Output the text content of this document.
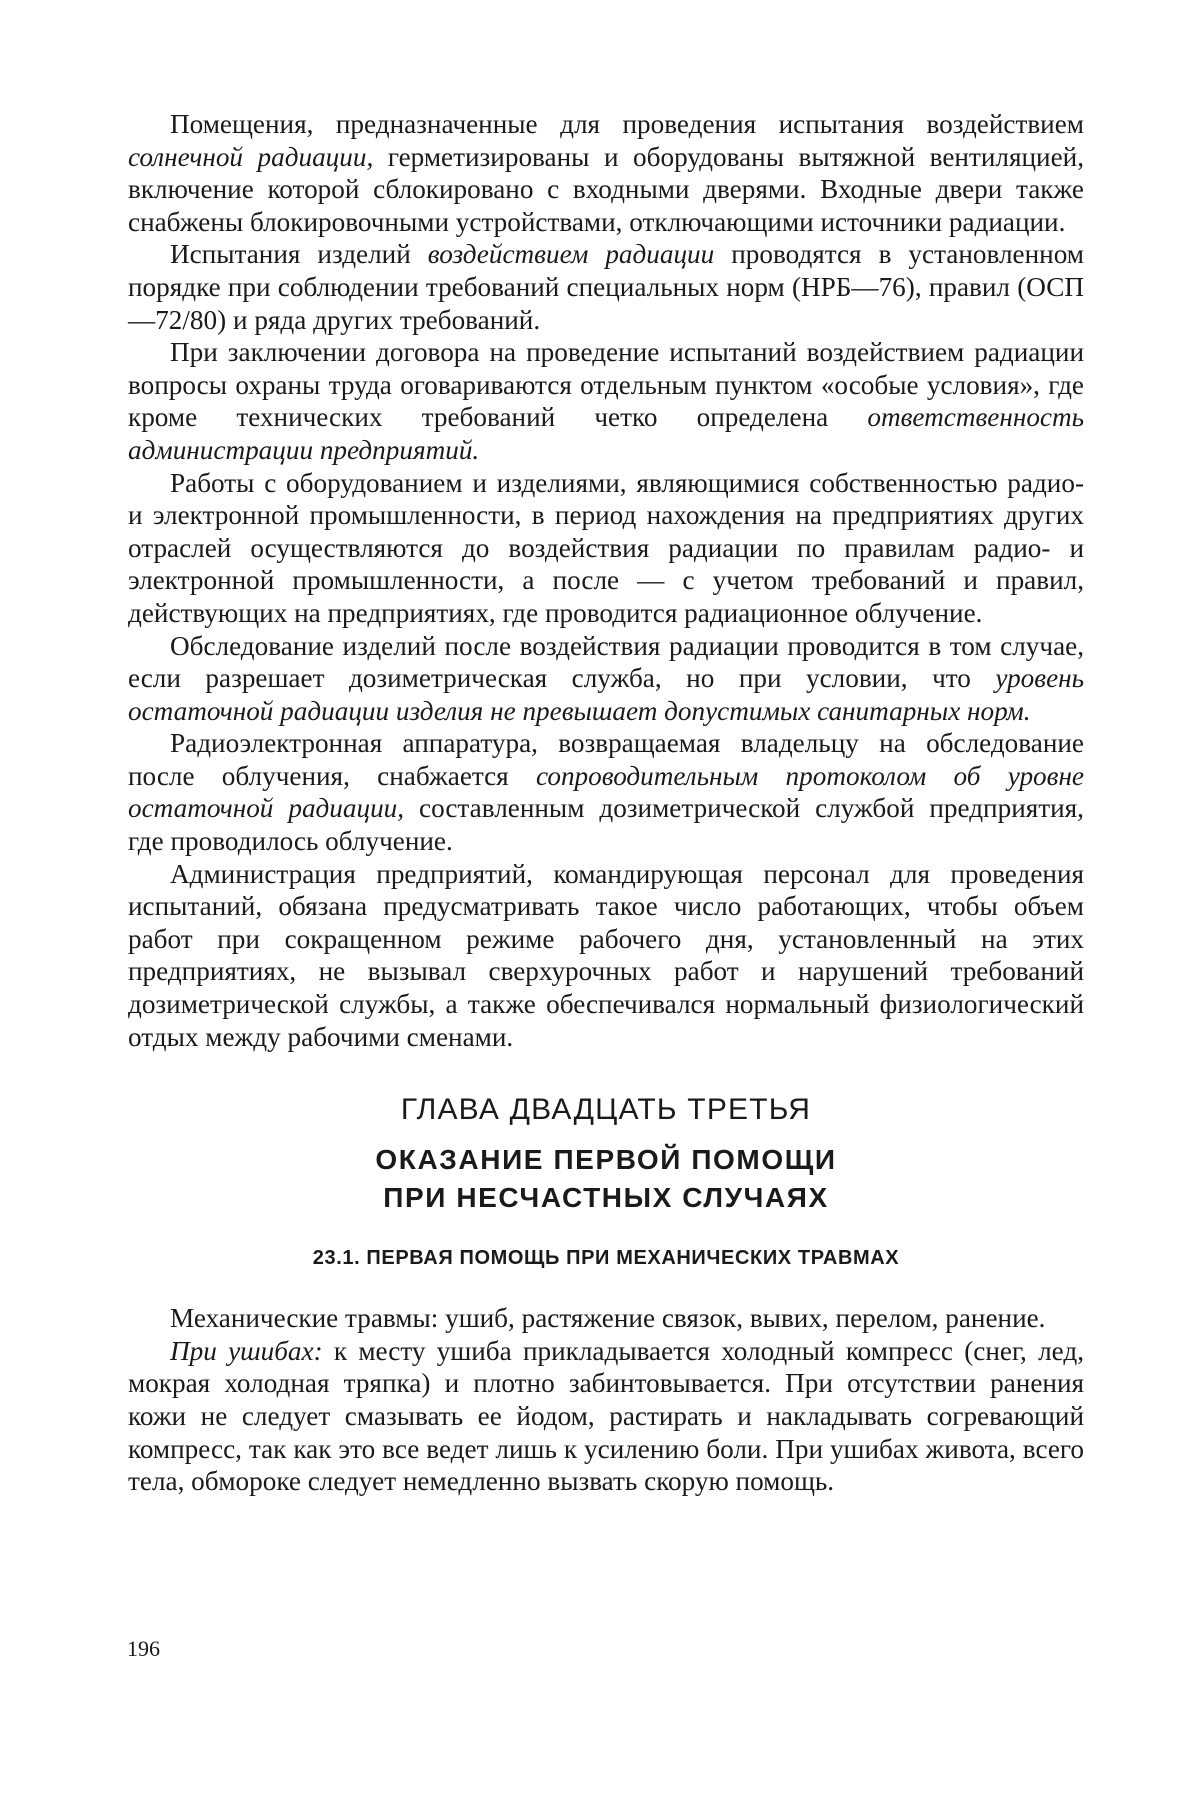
Помещения, предназначенные для проведения испытания воздействием солнечной радиации, герметизированы и оборудованы вытяжной вентиляцией, включение которой сблокировано с входными дверями. Входные двери также снабжены блокировочными устройствами, отключающими источники радиации.

Испытания изделий воздействием радиации проводятся в установленном порядке при соблюдении требований специальных норм (НРБ—76), правил (ОСП—72/80) и ряда других требований.

При заключении договора на проведение испытаний воздействием радиации вопросы охраны труда оговариваются отдельным пунктом «особые условия», где кроме технических требований четко определена ответственность администрации предприятий.

Работы с оборудованием и изделиями, являющимися собственностью радио- и электронной промышленности, в период нахождения на предприятиях других отраслей осуществляются до воздействия радиации по правилам радио- и электронной промышленности, а после — с учетом требований и правил, действующих на предприятиях, где проводится радиационное облучение.

Обследование изделий после воздействия радиации проводится в том случае, если разрешает дозиметрическая служба, но при условии, что уровень остаточной радиации изделия не превышает допустимых санитарных норм.

Радиоэлектронная аппаратура, возвращаемая владельцу на обследование после облучения, снабжается сопроводительным протоколом об уровне остаточной радиации, составленным дозиметрической службой предприятия, где проводилось облучение.

Администрация предприятий, командирующая персонал для проведения испытаний, обязана предусматривать такое число работающих, чтобы объем работ при сокращенном режиме рабочего дня, установленный на этих предприятиях, не вызывал сверхурочных работ и нарушений требований дозиметрической службы, а также обеспечивался нормальный физиологический отдых между рабочими сменами.

ГЛАВА ДВАДЦАТЬ ТРЕТЬЯ
ОКАЗАНИЕ ПЕРВОЙ ПОМОЩИ
ПРИ НЕСЧАСТНЫХ СЛУЧАЯХ
23.1. ПЕРВАЯ ПОМОЩЬ ПРИ МЕХАНИЧЕСКИХ ТРАВМАХ

Механические травмы: ушиб, растяжение связок, вывих, перелом, ранение.

При ушибах: к месту ушиба прикладывается холодный компресс (снег, лед, мокрая холодная тряпка) и плотно забинтовывается. При отсутствии ранения кожи не следует смазывать ее йодом, растирать и накладывать согревающий компресс, так как это все ведет лишь к усилению боли. При ушибах живота, всего тела, обмороке следует немедленно вызвать скорую помощь.

196
